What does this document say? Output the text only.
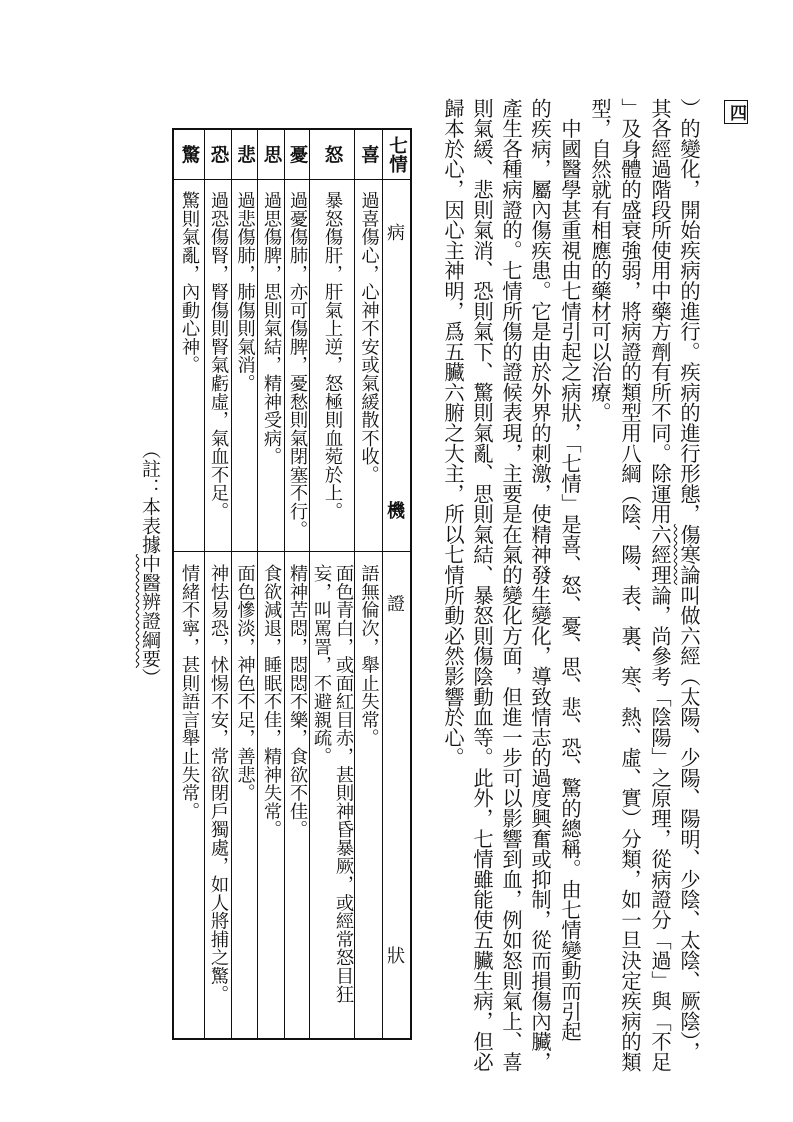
四
）的變化，開始疾病的進行。疾病的進行形態，傷寒論叫做六經（太陽、少陽、陽明、少陰、太陰、厥陰），
其各經過階段所使用中藥方劑有所不同。除運用六經理論，尚參考「陰陽」之原理，從病證分「過」與「不足
」及身體的盛衰強弱，將病證的類型用八綱（陰、陽、表、裏、寒、熱、虛、實）分類，如一旦決定疾病的類
型，自然就有相應的藥材可以治療。
　中國醫學甚重視由七情引起之病狀，「七情」是喜、怒、憂、思、悲、恐、驚的總稱。由七情變動而引起
的疾病，屬內傷疾患。它是由於外界的刺激，使精神發生變化，導致情志的過度興奮或抑制，從而損傷內臟，
產生各種病證的。七情所傷的證候表現，主要是在氣的變化方面，但進一步可以影響到血，例如怒則氣上、喜
則氣緩、悲則氣消、恐則氣下、驚則氣亂、思則氣結、暴怒則傷陰動血等。此外，七情雖能使五臟生病，但必
歸本於心，因心主神明，爲五臟六腑之大主，所以七情所動必然影響於心。
七情
病
機
證
狀
喜
過喜傷心，心神不安或氣緩散不收。
語無倫次，舉止失常。
怒
暴怒傷肝，肝氣上逆，怒極則血菀於上。
面色青白，或面紅目赤，甚則神昏暴厥，或經常怒目狂妄，叫罵詈，不避親疏。
憂
過憂傷肺，亦可傷脾，憂愁則氣閉塞不行。
精神苦悶，悶悶不樂，食欲不佳。
思
過思傷脾，思則氣結，精神受病。
食欲減退，睡眠不佳，精神失常。
悲
過悲傷肺，肺傷則氣消。
面色慘淡，神色不足，善悲。
恐
過恐傷腎，腎傷則腎氣虧虛，氣血不足。
神怯易恐，怵惕不安，常欲閉戶獨處，如人將捕之驚。
驚
驚則氣亂，內動心神。
情緒不寧，甚則語言舉止失常。
（註：本表據中醫辨證綱要）
